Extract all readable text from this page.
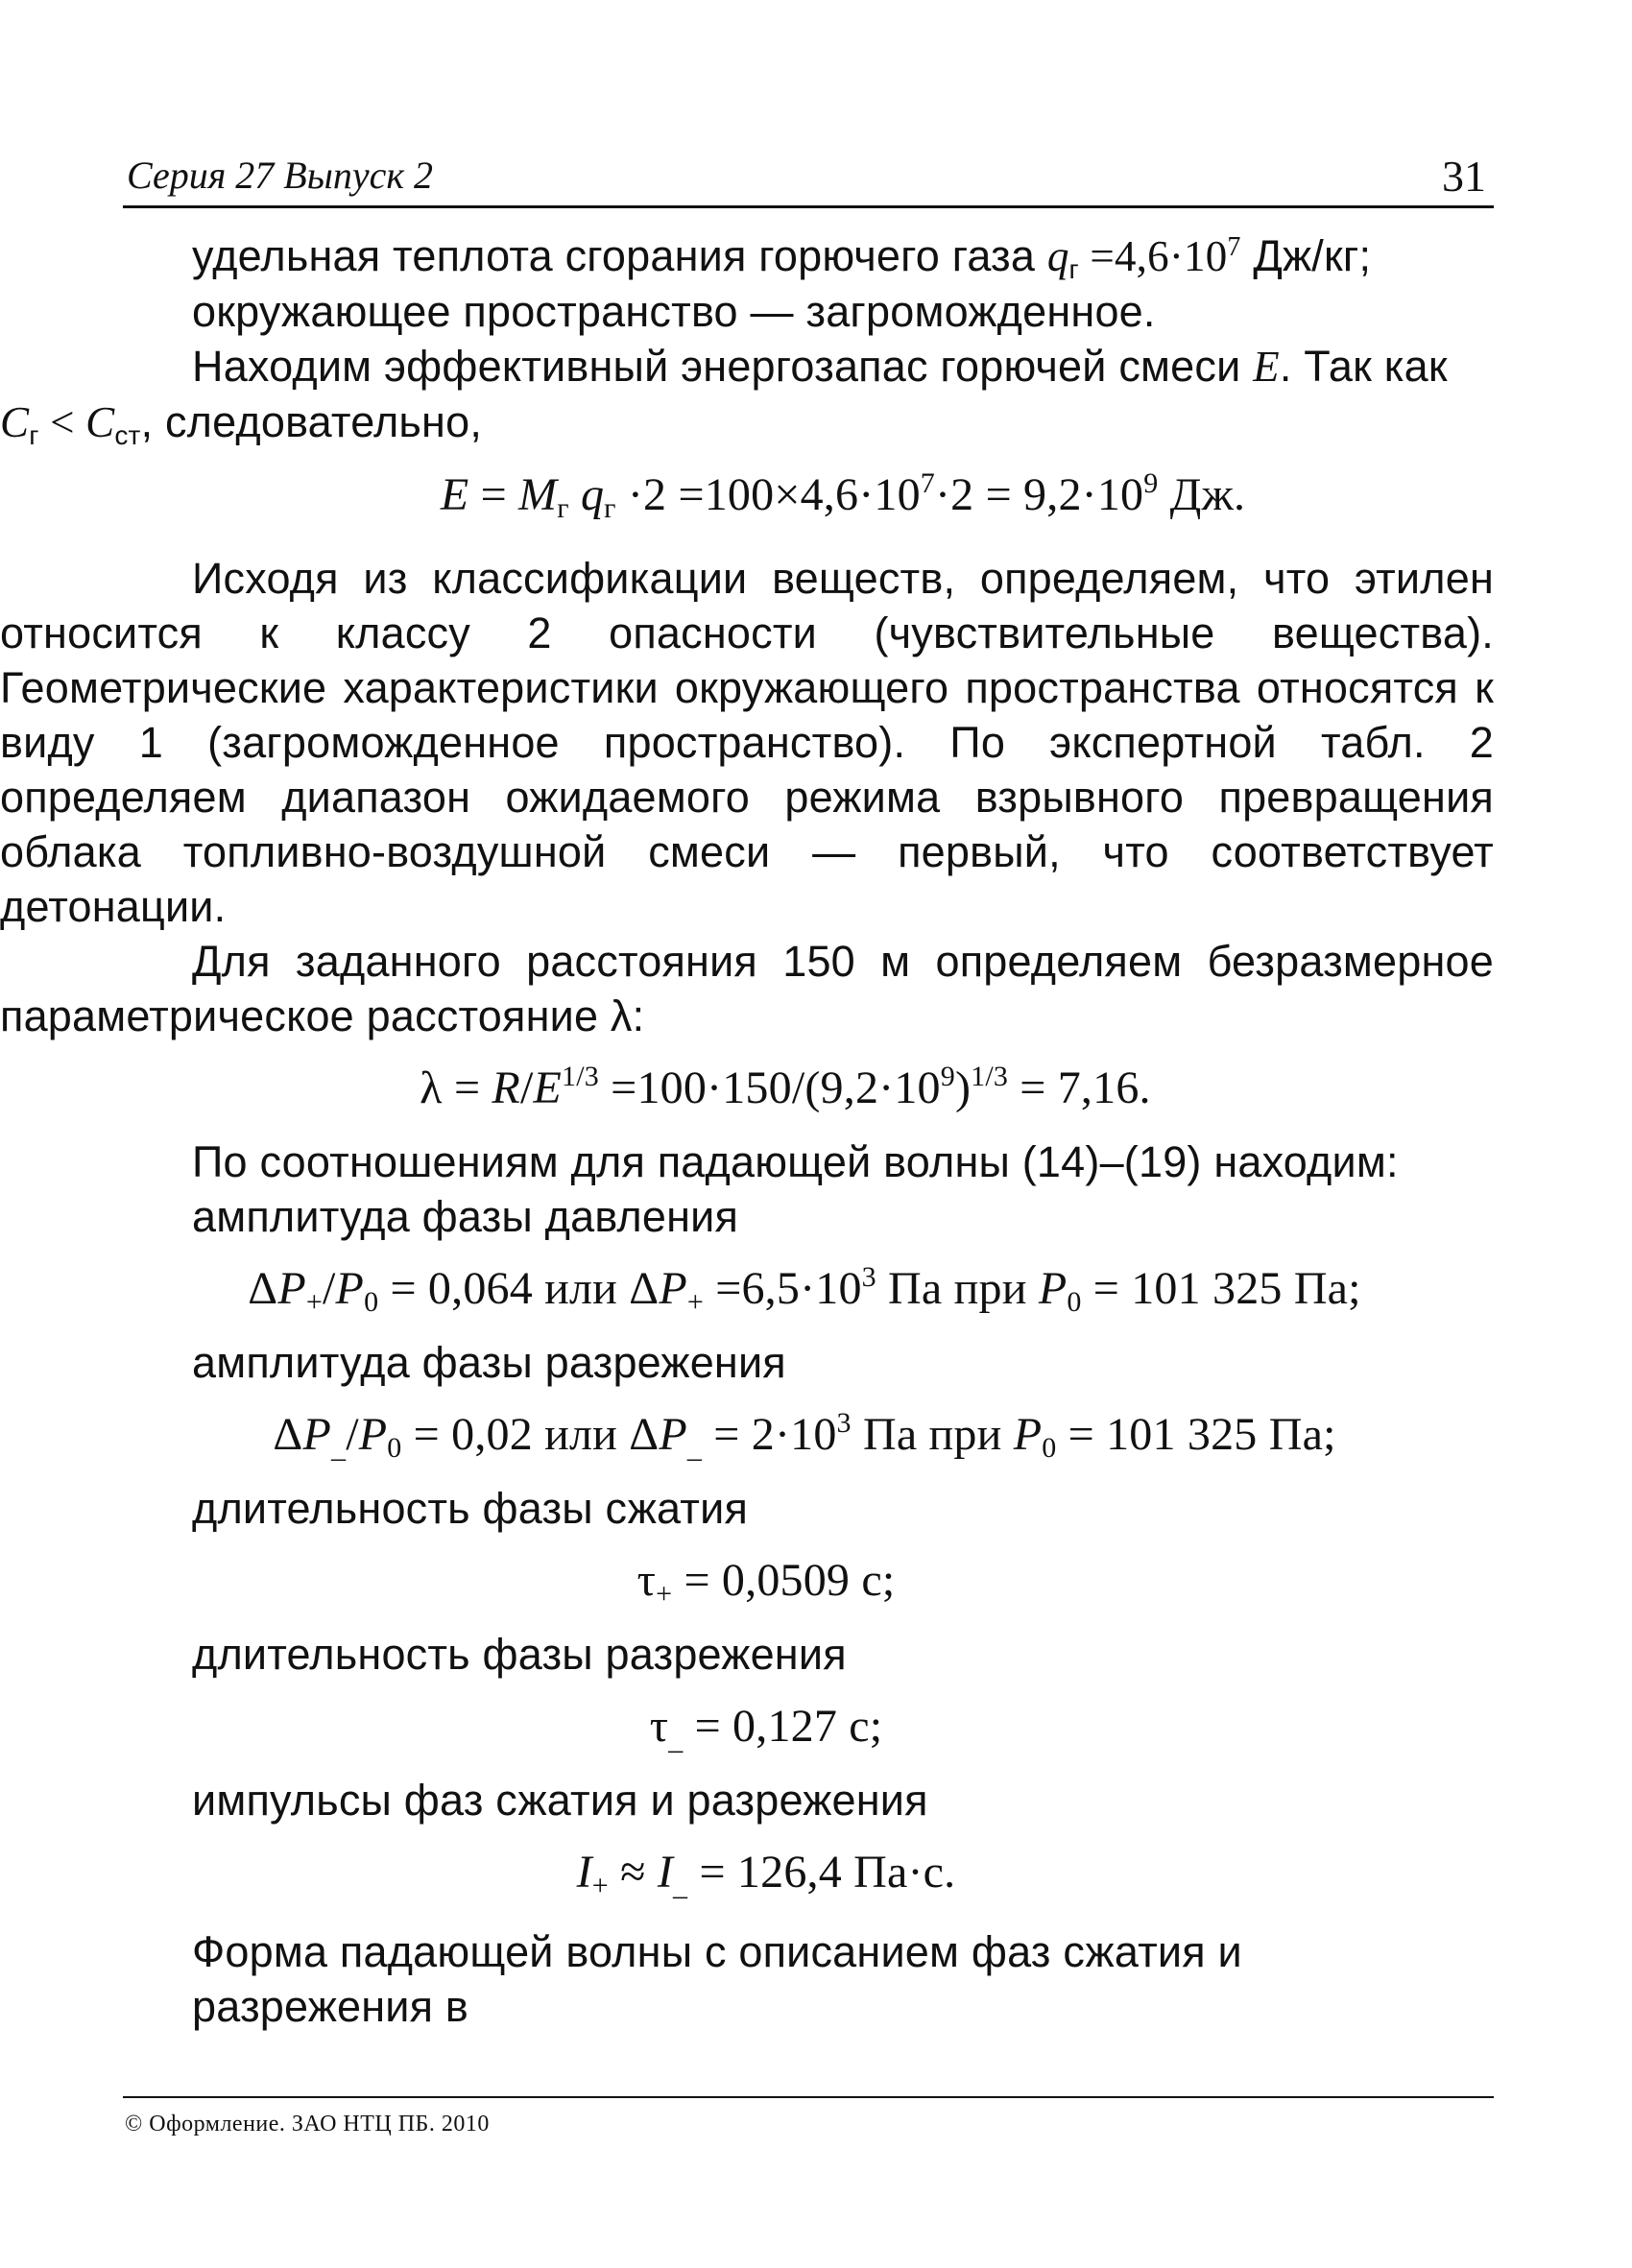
Серия 27 Выпуск 2	31

удельная теплота сгорания горючего газа $q_г =4,6\cdot 10^7$ Дж/кг;

окружающее пространство — загроможденное.

Находим эффективный энергозапас горючей смеси E. Так как
$C_г < C_{ст}$, следовательно,

$E = M_г$ $q_г \cdot 2 =100\times 4,6\cdot 10^7\cdot 2 = 9,2\cdot 10^9$ Дж.

Исходя из классификации веществ, определяем, что этилен относится к классу 2 опасности (чувствительные вещества). Геометрические характеристики окружающего пространства относятся к виду 1 (загроможденное пространство). По экспертной табл. 2 определяем диапазон ожидаемого режима взрывного превращения облака топливно-воздушной смеси — первый, что соответствует детонации.

Для заданного расстояния 150 м определяем безразмерное параметрическое расстояние λ:

$\lambda = R/E^{1/3} =100\cdot 150/(9,2\cdot 10^9)^{1/3} = 7,16$.

По соотношениям для падающей волны (14)–(19) находим:

амплитуда фазы давления

$\Delta P_+/P_0 = 0,064$ или $\Delta P_+ =6,5\cdot 10^3$ Па при $P_0 = 101$ 325 Па;

амплитуда фазы разрежения

$\Delta P_{\_}/P_0 = 0,02$ или $\Delta P_{\_} = 2\cdot 10^3$ Па при $P_0 = 101$ 325 Па;

длительность фазы сжатия

$\tau_+ = 0,0509$ с;

длительность фазы разрежения

$\tau_{\_} = 0,127$ с;

импульсы фаз сжатия и разрежения

$I_+ \approx I_{\_} = 126,4$ Па·с.

Форма падающей волны с описанием фаз сжатия и разрежения в

© Оформление. ЗАО НТЦ ПБ. 2010
